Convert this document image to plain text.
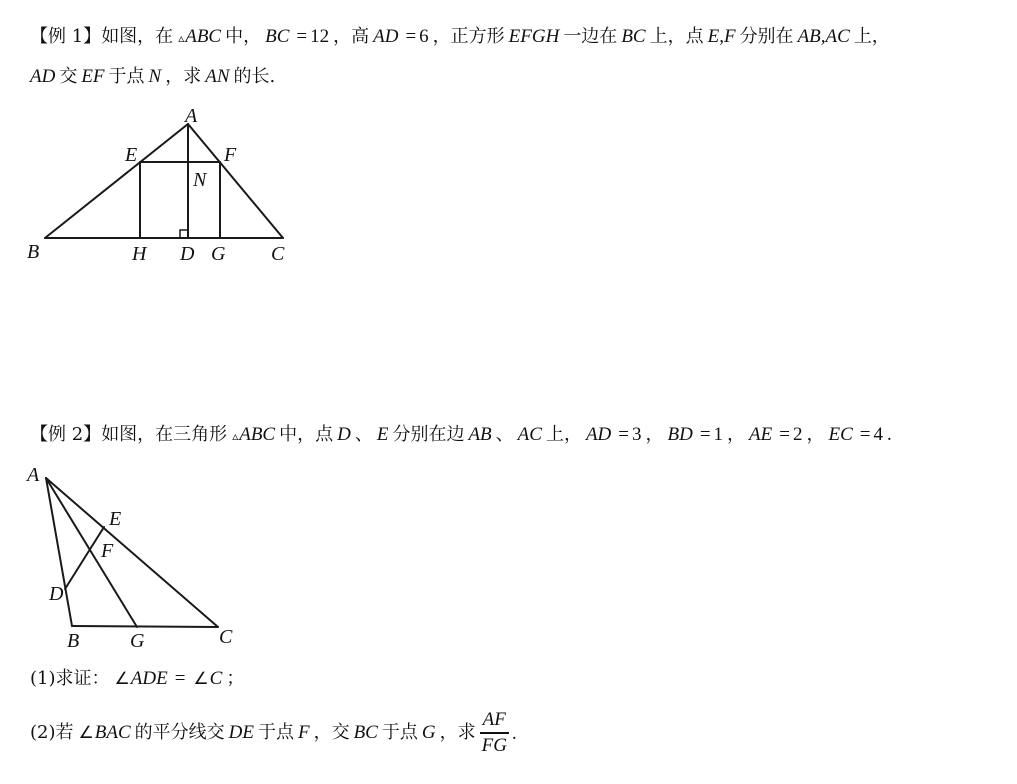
【例 1】 如图，在 ▵ ABC 中， BC = 12 ，高 AD = 6 ，正方形 EFGH 一边在 BC 上，点 E,F 分别在 AB,AC 上，
AD 交 EF 于点 N ，求 AN 的长.
A
E	F
N
B	H D G C
【例 2】 如图，在三角形 ▵ ABC 中，点 D 、 E 分别在边 AB 、 AC 上， AD = 3 ， BD = 1 ， AE = 2 ， EC = 4 .
A
E
F
D
B	G	C
(1)求证： ∠ ADE = ∠ C ；
(2)若 ∠ BAC 的平分线交 DE 于点 F ，交 BC 于点 G ，求 $\frac{AF}{FG}$ .
